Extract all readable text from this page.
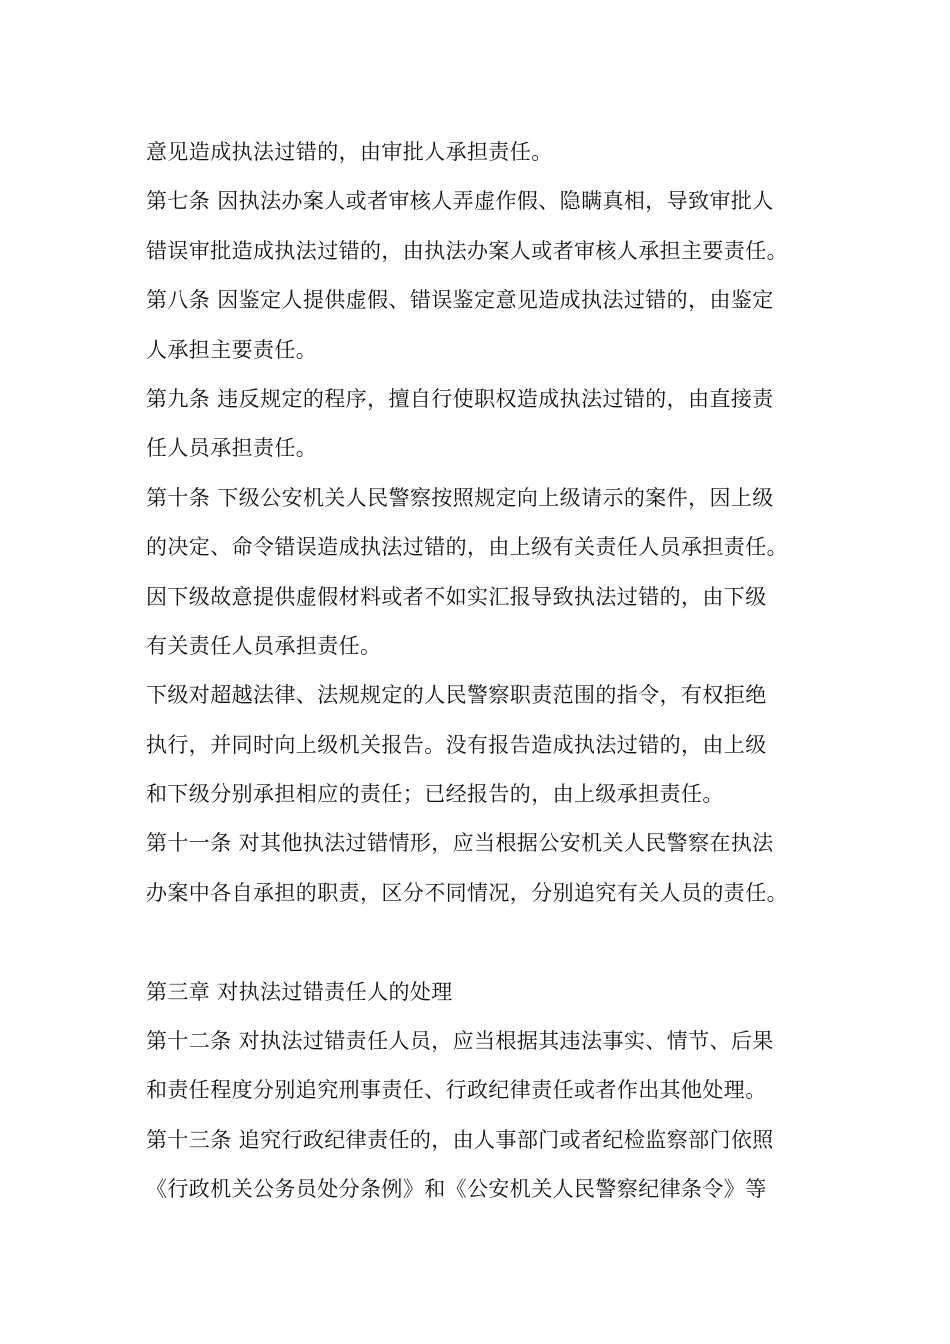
意见造成执法过错的，由审批人承担责任。
第七条 因执法办案人或者审核人弄虚作假、隐瞒真相，导致审批人
错误审批造成执法过错的，由执法办案人或者审核人承担主要责任。
第八条 因鉴定人提供虚假、错误鉴定意见造成执法过错的，由鉴定
人承担主要责任。
第九条 违反规定的程序，擅自行使职权造成执法过错的，由直接责
任人员承担责任。
第十条 下级公安机关人民警察按照规定向上级请示的案件，因上级
的决定、命令错误造成执法过错的，由上级有关责任人员承担责任。
因下级故意提供虚假材料或者不如实汇报导致执法过错的，由下级
有关责任人员承担责任。
下级对超越法律、法规规定的人民警察职责范围的指令，有权拒绝
执行，并同时向上级机关报告。没有报告造成执法过错的，由上级
和下级分别承担相应的责任；已经报告的，由上级承担责任。
第十一条 对其他执法过错情形，应当根据公安机关人民警察在执法
办案中各自承担的职责，区分不同情况，分别追究有关人员的责任。
第三章 对执法过错责任人的处理
第十二条 对执法过错责任人员，应当根据其违法事实、情节、后果
和责任程度分别追究刑事责任、行政纪律责任或者作出其他处理。
第十三条 追究行政纪律责任的，由人事部门或者纪检监察部门依照
《行政机关公务员处分条例》和《公安机关人民警察纪律条令》等
